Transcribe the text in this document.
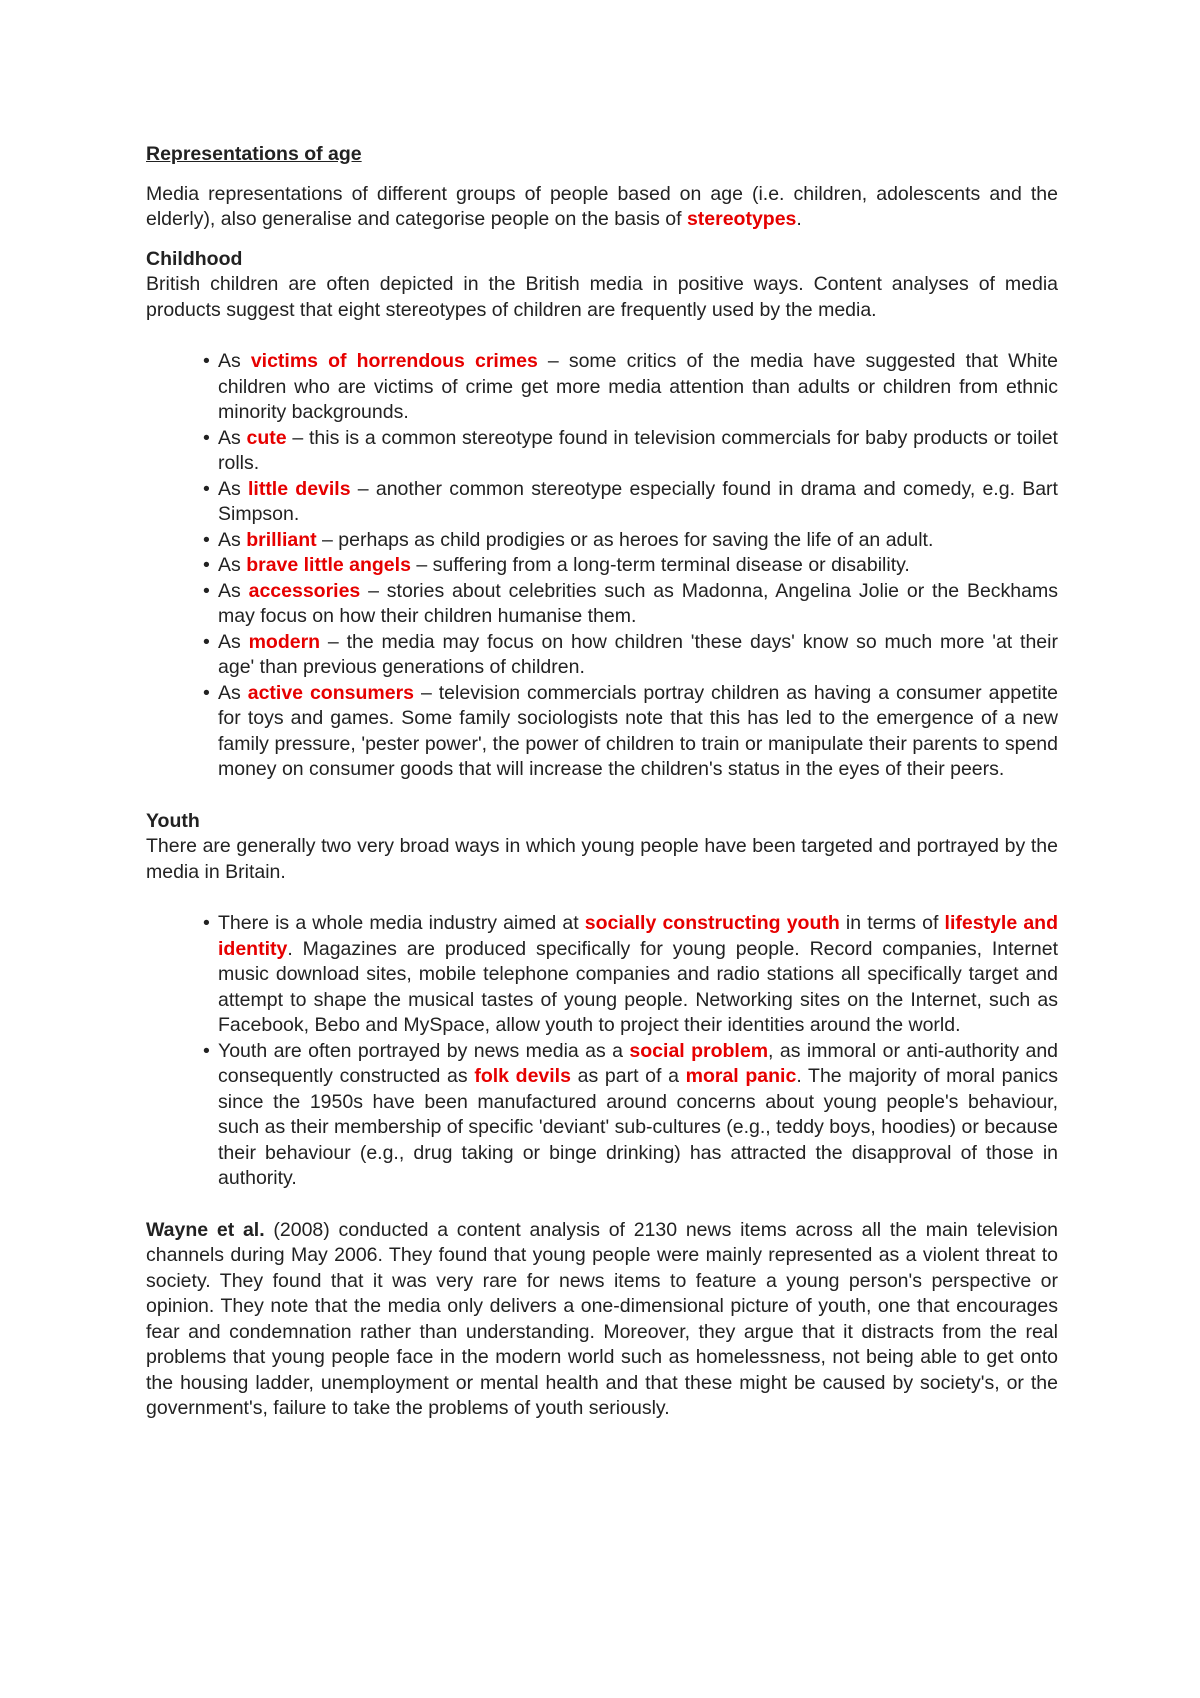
Representations of age

Media representations of different groups of people based on age (i.e. children, adolescents and the elderly), also generalise and categorise people on the basis of stereotypes.

Childhood

British children are often depicted in the British media in positive ways. Content analyses of media products suggest that eight stereotypes of children are frequently used by the media.

• As victims of horrendous crimes – some critics of the media have suggested that White children who are victims of crime get more media attention than adults or children from ethnic minority backgrounds.
• As cute – this is a common stereotype found in television commercials for baby products or toilet rolls.
• As little devils – another common stereotype especially found in drama and comedy, e.g. Bart Simpson.
• As brilliant – perhaps as child prodigies or as heroes for saving the life of an adult.
• As brave little angels – suffering from a long-term terminal disease or disability.
• As accessories – stories about celebrities such as Madonna, Angelina Jolie or the Beckhams may focus on how their children humanise them.
• As modern – the media may focus on how children 'these days' know so much more 'at their age' than previous generations of children.
• As active consumers – television commercials portray children as having a consumer appetite for toys and games. Some family sociologists note that this has led to the emergence of a new family pressure, 'pester power', the power of children to train or manipulate their parents to spend money on consumer goods that will increase the children's status in the eyes of their peers.

Youth

There are generally two very broad ways in which young people have been targeted and portrayed by the media in Britain.

• There is a whole media industry aimed at socially constructing youth in terms of lifestyle and identity. Magazines are produced specifically for young people. Record companies, Internet music download sites, mobile telephone companies and radio stations all specifically target and attempt to shape the musical tastes of young people. Networking sites on the Internet, such as Facebook, Bebo and MySpace, allow youth to project their identities around the world.
• Youth are often portrayed by news media as a social problem, as immoral or anti-authority and consequently constructed as folk devils as part of a moral panic. The majority of moral panics since the 1950s have been manufactured around concerns about young people's behaviour, such as their membership of specific 'deviant' sub-cultures (e.g., teddy boys, hoodies) or because their behaviour (e.g., drug taking or binge drinking) has attracted the disapproval of those in authority.

Wayne et al. (2008) conducted a content analysis of 2130 news items across all the main television channels during May 2006. They found that young people were mainly represented as a violent threat to society. They found that it was very rare for news items to feature a young person's perspective or opinion. They note that the media only delivers a one-dimensional picture of youth, one that encourages fear and condemnation rather than understanding. Moreover, they argue that it distracts from the real problems that young people face in the modern world such as homelessness, not being able to get onto the housing ladder, unemployment or mental health and that these might be caused by society's, or the government's, failure to take the problems of youth seriously.
